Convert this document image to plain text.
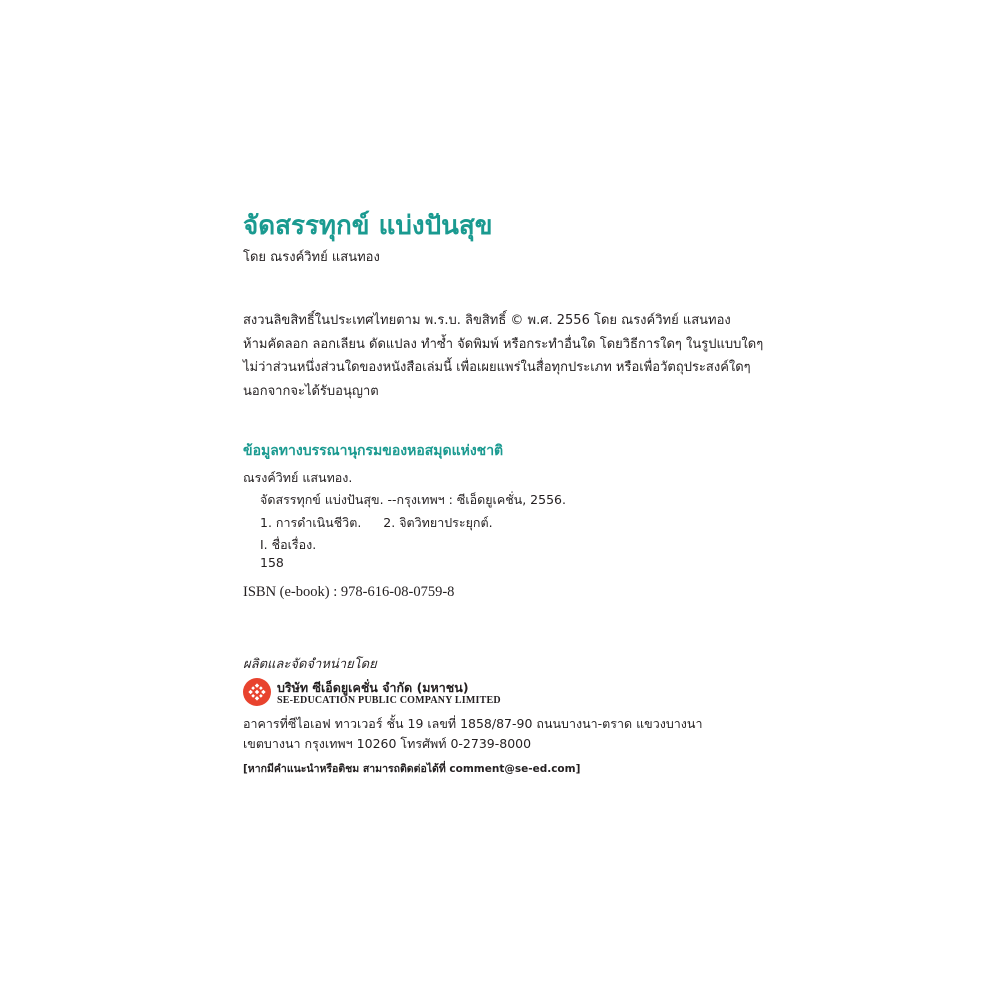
จัดสรรทุกข์ แบ่งปันสุข
โดย ณรงค์วิทย์ แสนทอง
สงวนลิขสิทธิ์ในประเทศไทยตาม พ.ร.บ. ลิขสิทธิ์ © พ.ศ. 2556 โดย ณรงค์วิทย์ แสนทอง
ห้ามคัดลอก ลอกเลียน ดัดแปลง ทำซ้ำ จัดพิมพ์ หรือกระทำอื่นใด โดยวิธีการใดๆ ในรูปแบบใดๆ
ไม่ว่าส่วนหนึ่งส่วนใดของหนังสือเล่มนี้ เพื่อเผยแพร่ในสื่อทุกประเภท หรือเพื่อวัตถุประสงค์ใดๆ
นอกจากจะได้รับอนุญาต
ข้อมูลทางบรรณานุกรมของหอสมุดแห่งชาติ
ณรงค์วิทย์ แสนทอง.
จัดสรรทุกข์ แบ่งปันสุข. --กรุงเทพฯ : ซีเอ็ดยูเคชั่น, 2556.
1. การดำเนินชีวิต. 2. จิตวิทยาประยุกต์.
I. ชื่อเรื่อง.
158
ISBN (e-book) : 978-616-08-0759-8
ผลิตและจัดจำหน่ายโดย
บริษัท ซีเอ็ดยูเคชั่น จำกัด (มหาชน)
SE-EDUCATION PUBLIC COMPANY LIMITED
อาคารที่ซีไอเอฟ ทาวเวอร์ ชั้น 19 เลขที่ 1858/87-90 ถนนบางนา-ตราด แขวงบางนา
เขตบางนา กรุงเทพฯ 10260 โทรศัพท์ 0-2739-8000
[หากมีคำแนะนำหรือติชม สามารถติดต่อได้ที่ comment@se-ed.com]
